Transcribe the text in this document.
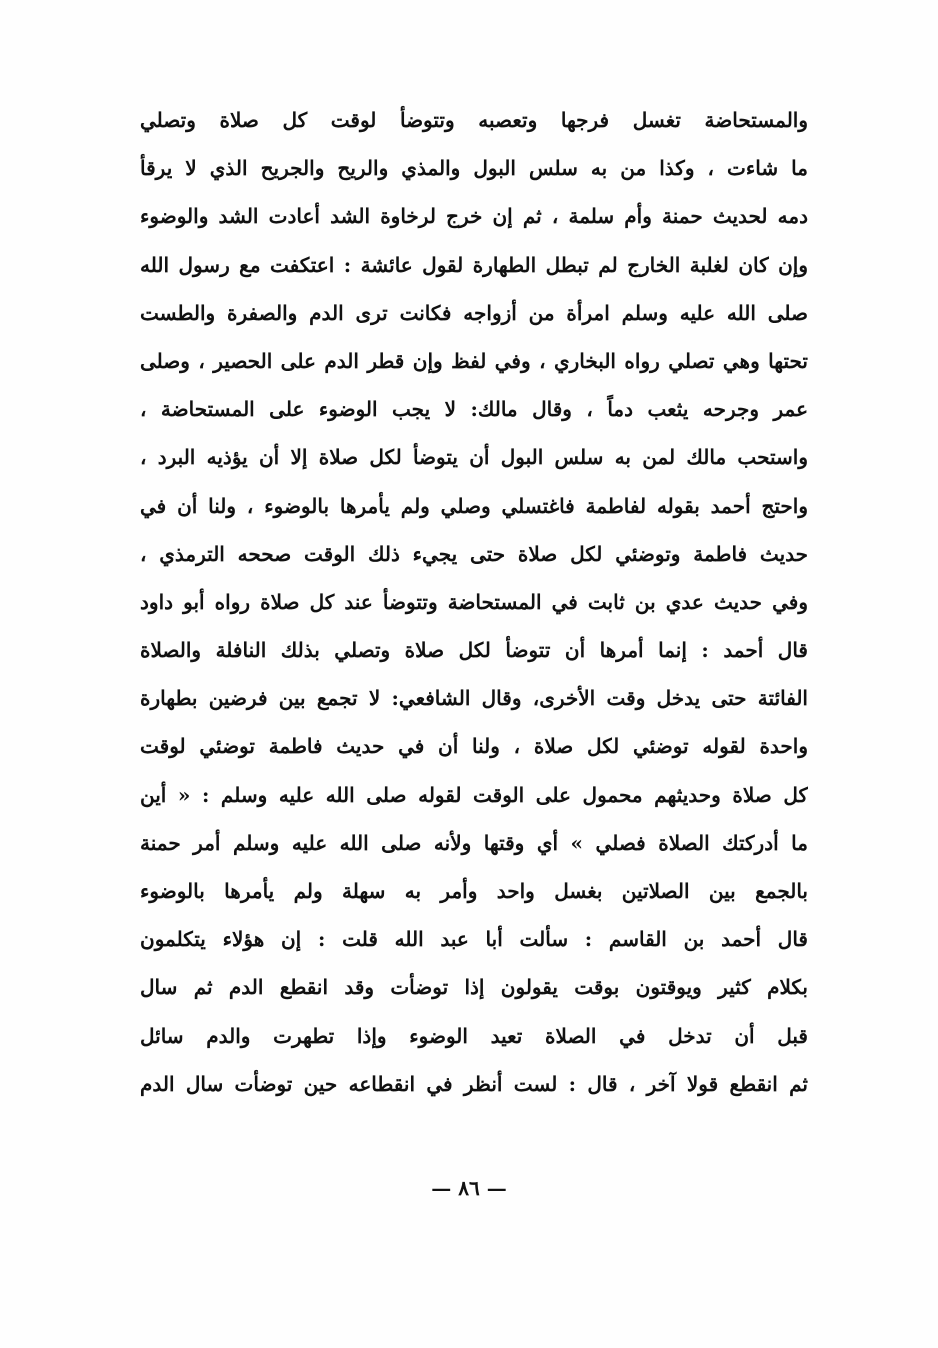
والمستحاضة تغسل فرجها وتعصبه وتتوضأ لوقت كل صلاة وتصلي
ما شاءت ، وكذا من به سلس البول والمذي والريح والجريح الذي لا يرقأ
دمه لحديث حمنة وأم سلمة ، ثم إن خرج لرخاوة الشد أعادت الشد والوضوء
وإن كان لغلبة الخارج لم تبطل الطهارة لقول عائشة : اعتكفت مع رسول الله
صلى الله عليه وسلم امرأة من أزواجه فكانت ترى الدم والصفرة والطست
تحتها وهي تصلي رواه البخاري ، وفي لفظ وإن قطر الدم على الحصير ، وصلى
عمر وجرحه يثعب دماً ، وقال مالك: لا يجب الوضوء على المستحاضة ،
واستحب مالك لمن به سلس البول أن يتوضأ لكل صلاة إلا أن يؤذيه البرد ،
واحتج أحمد بقوله لفاطمة فاغتسلي وصلي ولم يأمرها بالوضوء ، ولنا أن في
حديث فاطمة وتوضئي لكل صلاة حتى يجيء ذلك الوقت صححه الترمذي ،
وفي حديث عدي بن ثابت في المستحاضة وتتوضأ عند كل صلاة رواه أبو داود
قال أحمد : إنما أمرها أن تتوضأ لكل صلاة وتصلي بذلك النافلة والصلاة
الفائتة حتى يدخل وقت الأخرى، وقال الشافعي: لا تجمع بين فرضين بطهارة
واحدة لقوله توضئي لكل صلاة ، ولنا أن في حديث فاطمة توضئي لوقت
كل صلاة وحديثهم محمول على الوقت لقوله صلى الله عليه وسلم : « أين
ما أدركتك الصلاة فصلي » أي وقتها ولأنه صلى الله عليه وسلم أمر حمنة
بالجمع بين الصلاتين بغسل واحد وأمر به سهلة ولم يأمرها بالوضوء
قال أحمد بن القاسم : سألت أبا عبد الله قلت : إن هؤلاء يتكلمون
بكلام كثير ويوقتون بوقت يقولون إذا توضأت وقد انقطع الدم ثم سال
قبل أن تدخل في الصلاة تعيد الوضوء وإذا تطهرت والدم سائل
ثم انقطع قولا آخر ، قال : لست أنظر في انقطاعه حين توضأت سال الدم
— ٨٦ —
